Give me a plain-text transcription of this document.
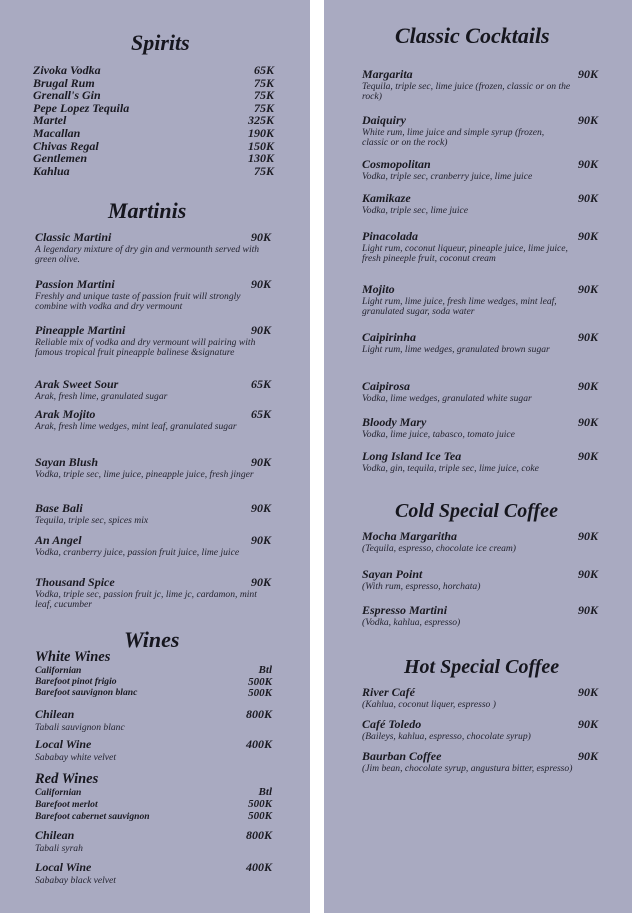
Spirits
Zivoka Vodka	65K
Brugal Rum	75K
Grenall's Gin	75K
Pepe Lopez Tequila	75K
Martel	325K
Macallan	190K
Chivas Regal	150K
Gentlemen	130K
Kahlua	75K
Martinis
Classic Martini	90K
A legendary mixture of dry gin and vermounth served with green olive.
Passion Martini	90K
Freshly and unique taste of passion fruit will strongly combine with vodka and dry vermount
Pineapple Martini	90K
Reliable mix of vodka and dry vermount will pairing with famous tropical fruit pineapple balinese &signature
Arak Sweet Sour	65K
Arak, fresh lime, granulated sugar
Arak Mojito	65K
Arak, fresh lime wedges, mint leaf, granulated sugar
Sayan Blush	90K
Vodka, triple sec, lime juice, pineapple juice, fresh jinger
Base Bali	90K
Tequila, triple sec, spices mix
An Angel	90K
Vodka, cranberry juice, passion fruit juice, lime juice
Thousand Spice	90K
Vodka, triple sec, passion fruit jc, lime jc, cardamon, mint leaf, cucumber
Wines
White Wines
Californian	Btl
Barefoot pinot frigio	500K
Barefoot sauvignon blanc	500K
Chilean	800K
Tabali sauvignon blanc
Local Wine	400K
Sababay white velvet
Red Wines
Californian	Btl
Barefoot merlot	500K
Barefoot cabernet sauvignon	500K
Chilean	800K
Tabali syrah
Local Wine	400K
Sababay black velvet
Classic Cocktails
Margarita	90K
Tequila, triple sec, lime juice (frozen, classic or on the rock)
Daiquiry	90K
White rum, lime juice and simple syrup (frozen, classic or on the rock)
Cosmopolitan	90K
Vodka, triple sec, cranberry juice, lime juice
Kamikaze	90K
Vodka, triple sec, lime juice
Pinacolada	90K
Light rum, coconut liqueur, pineaple juice, lime juice, fresh pineeple fruit, coconut cream
Mojito	90K
Light rum, lime juice, fresh lime wedges, mint leaf, granulated sugar, soda water
Caipirinha	90K
Light rum, lime wedges, granulated brown sugar
Caipirosa	90K
Vodka, lime wedges, granulated white sugar
Bloody Mary	90K
Vodka, lime juice, tabasco, tomato juice
Long Island Ice Tea	90K
Vodka, gin, tequila, triple sec, lime juice, coke
Cold Special Coffee
Mocha Margaritha	90K
(Tequila, espresso, chocolate ice cream)
Sayan Point	90K
(With rum, espresso, horchata)
Espresso Martini	90K
(Vodka, kahlua, espresso)
Hot Special Coffee
River Café	90K
(Kahlua, coconut liquer, espresso )
Café Toledo	90K
(Baileys, kahlua, espresso, chocolate syrup)
Baurban Coffee	90K
(Jim bean, chocolate syrup, angustura bitter, espresso)
